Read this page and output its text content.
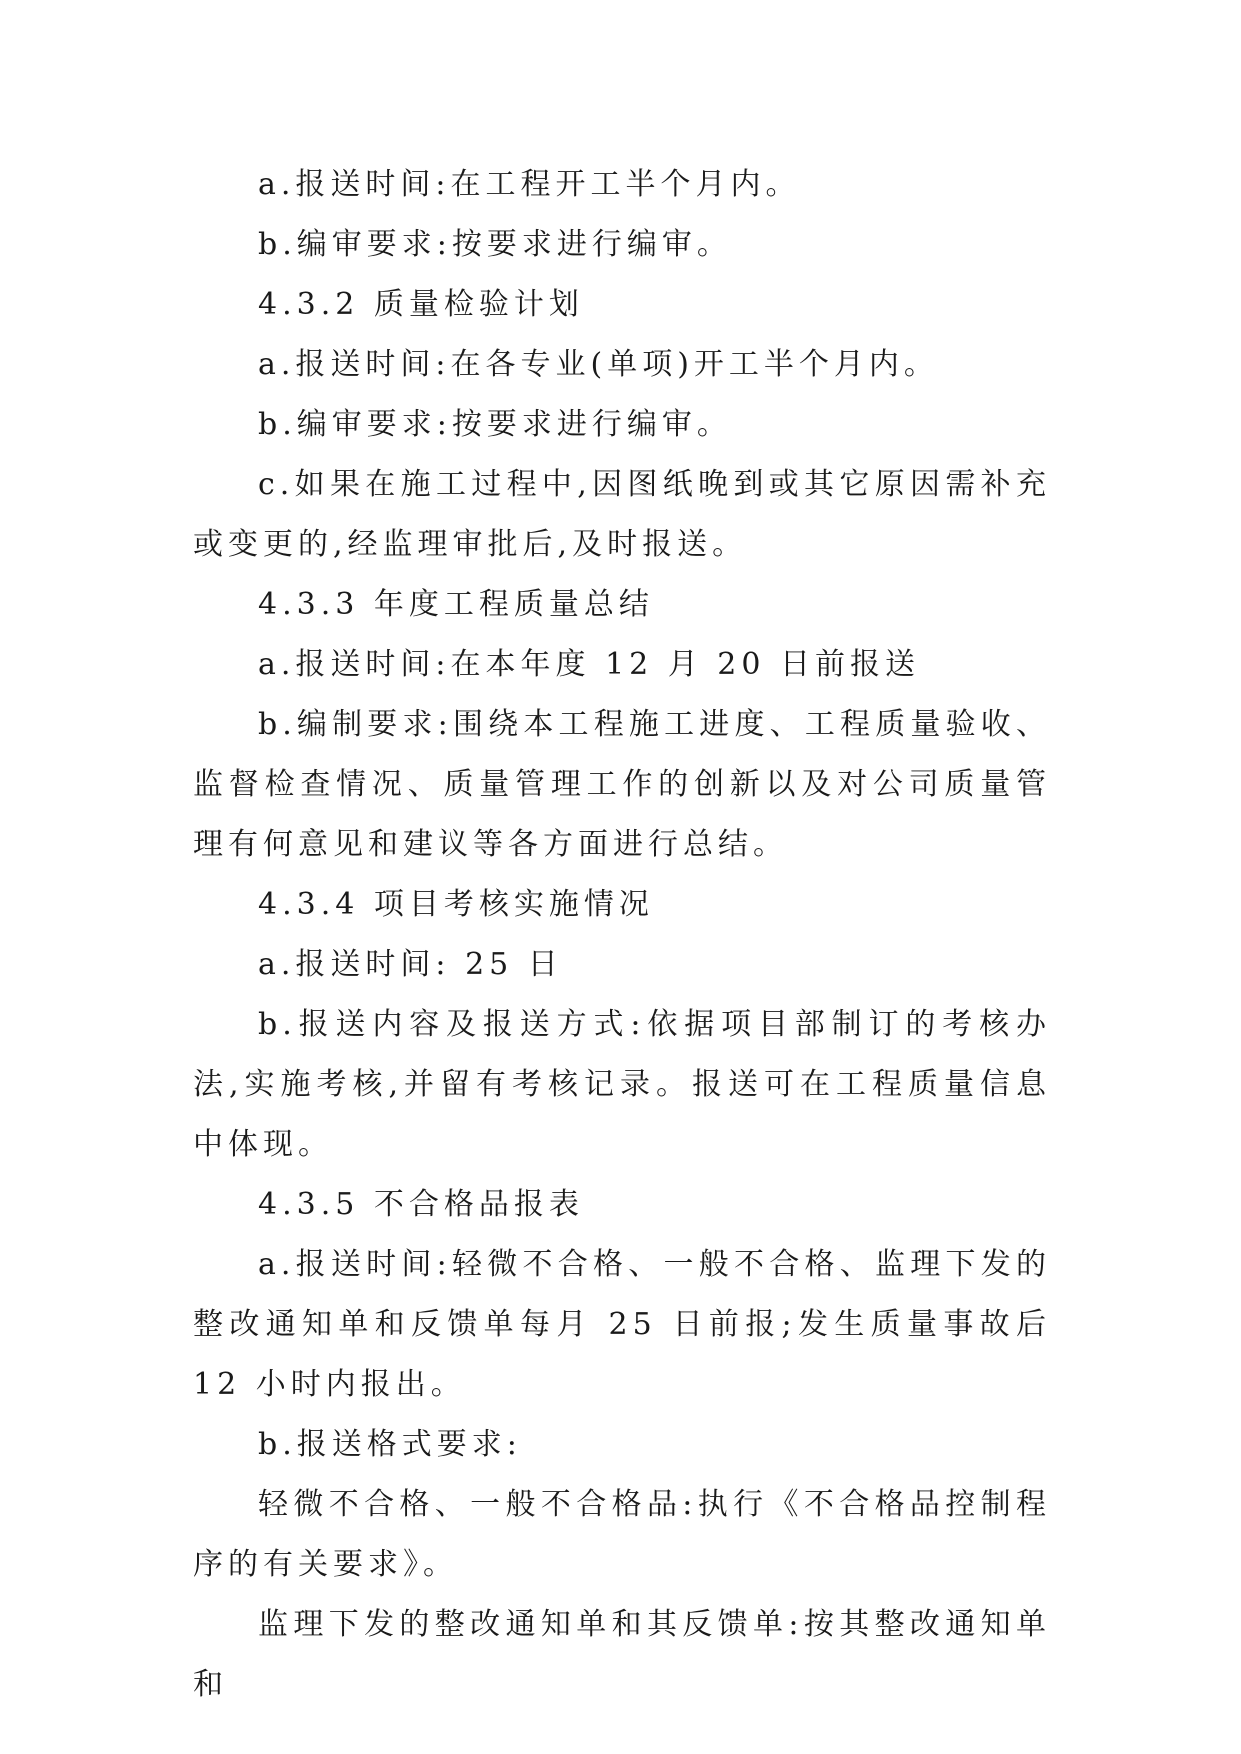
a.报送时间:在工程开工半个月内。

b.编审要求:按要求进行编审。

4.3.2 质量检验计划

a.报送时间:在各专业(单项)开工半个月内。

b.编审要求:按要求进行编审。

c.如果在施工过程中,因图纸晚到或其它原因需补充或变更的,经监理审批后,及时报送。

4.3.3 年度工程质量总结

a.报送时间:在本年度 12 月 20 日前报送

b.编制要求:围绕本工程施工进度、工程质量验收、监督检查情况、质量管理工作的创新以及对公司质量管理有何意见和建议等各方面进行总结。

4.3.4 项目考核实施情况

a.报送时间: 25 日

b.报送内容及报送方式:依据项目部制订的考核办法,实施考核,并留有考核记录。报送可在工程质量信息中体现。

4.3.5 不合格品报表

a.报送时间:轻微不合格、一般不合格、监理下发的整改通知单和反馈单每月 25 日前报;发生质量事故后 12 小时内报出。

b.报送格式要求:

轻微不合格、一般不合格品:执行《不合格品控制程序的有关要求》。

监理下发的整改通知单和其反馈单:按其整改通知单和
